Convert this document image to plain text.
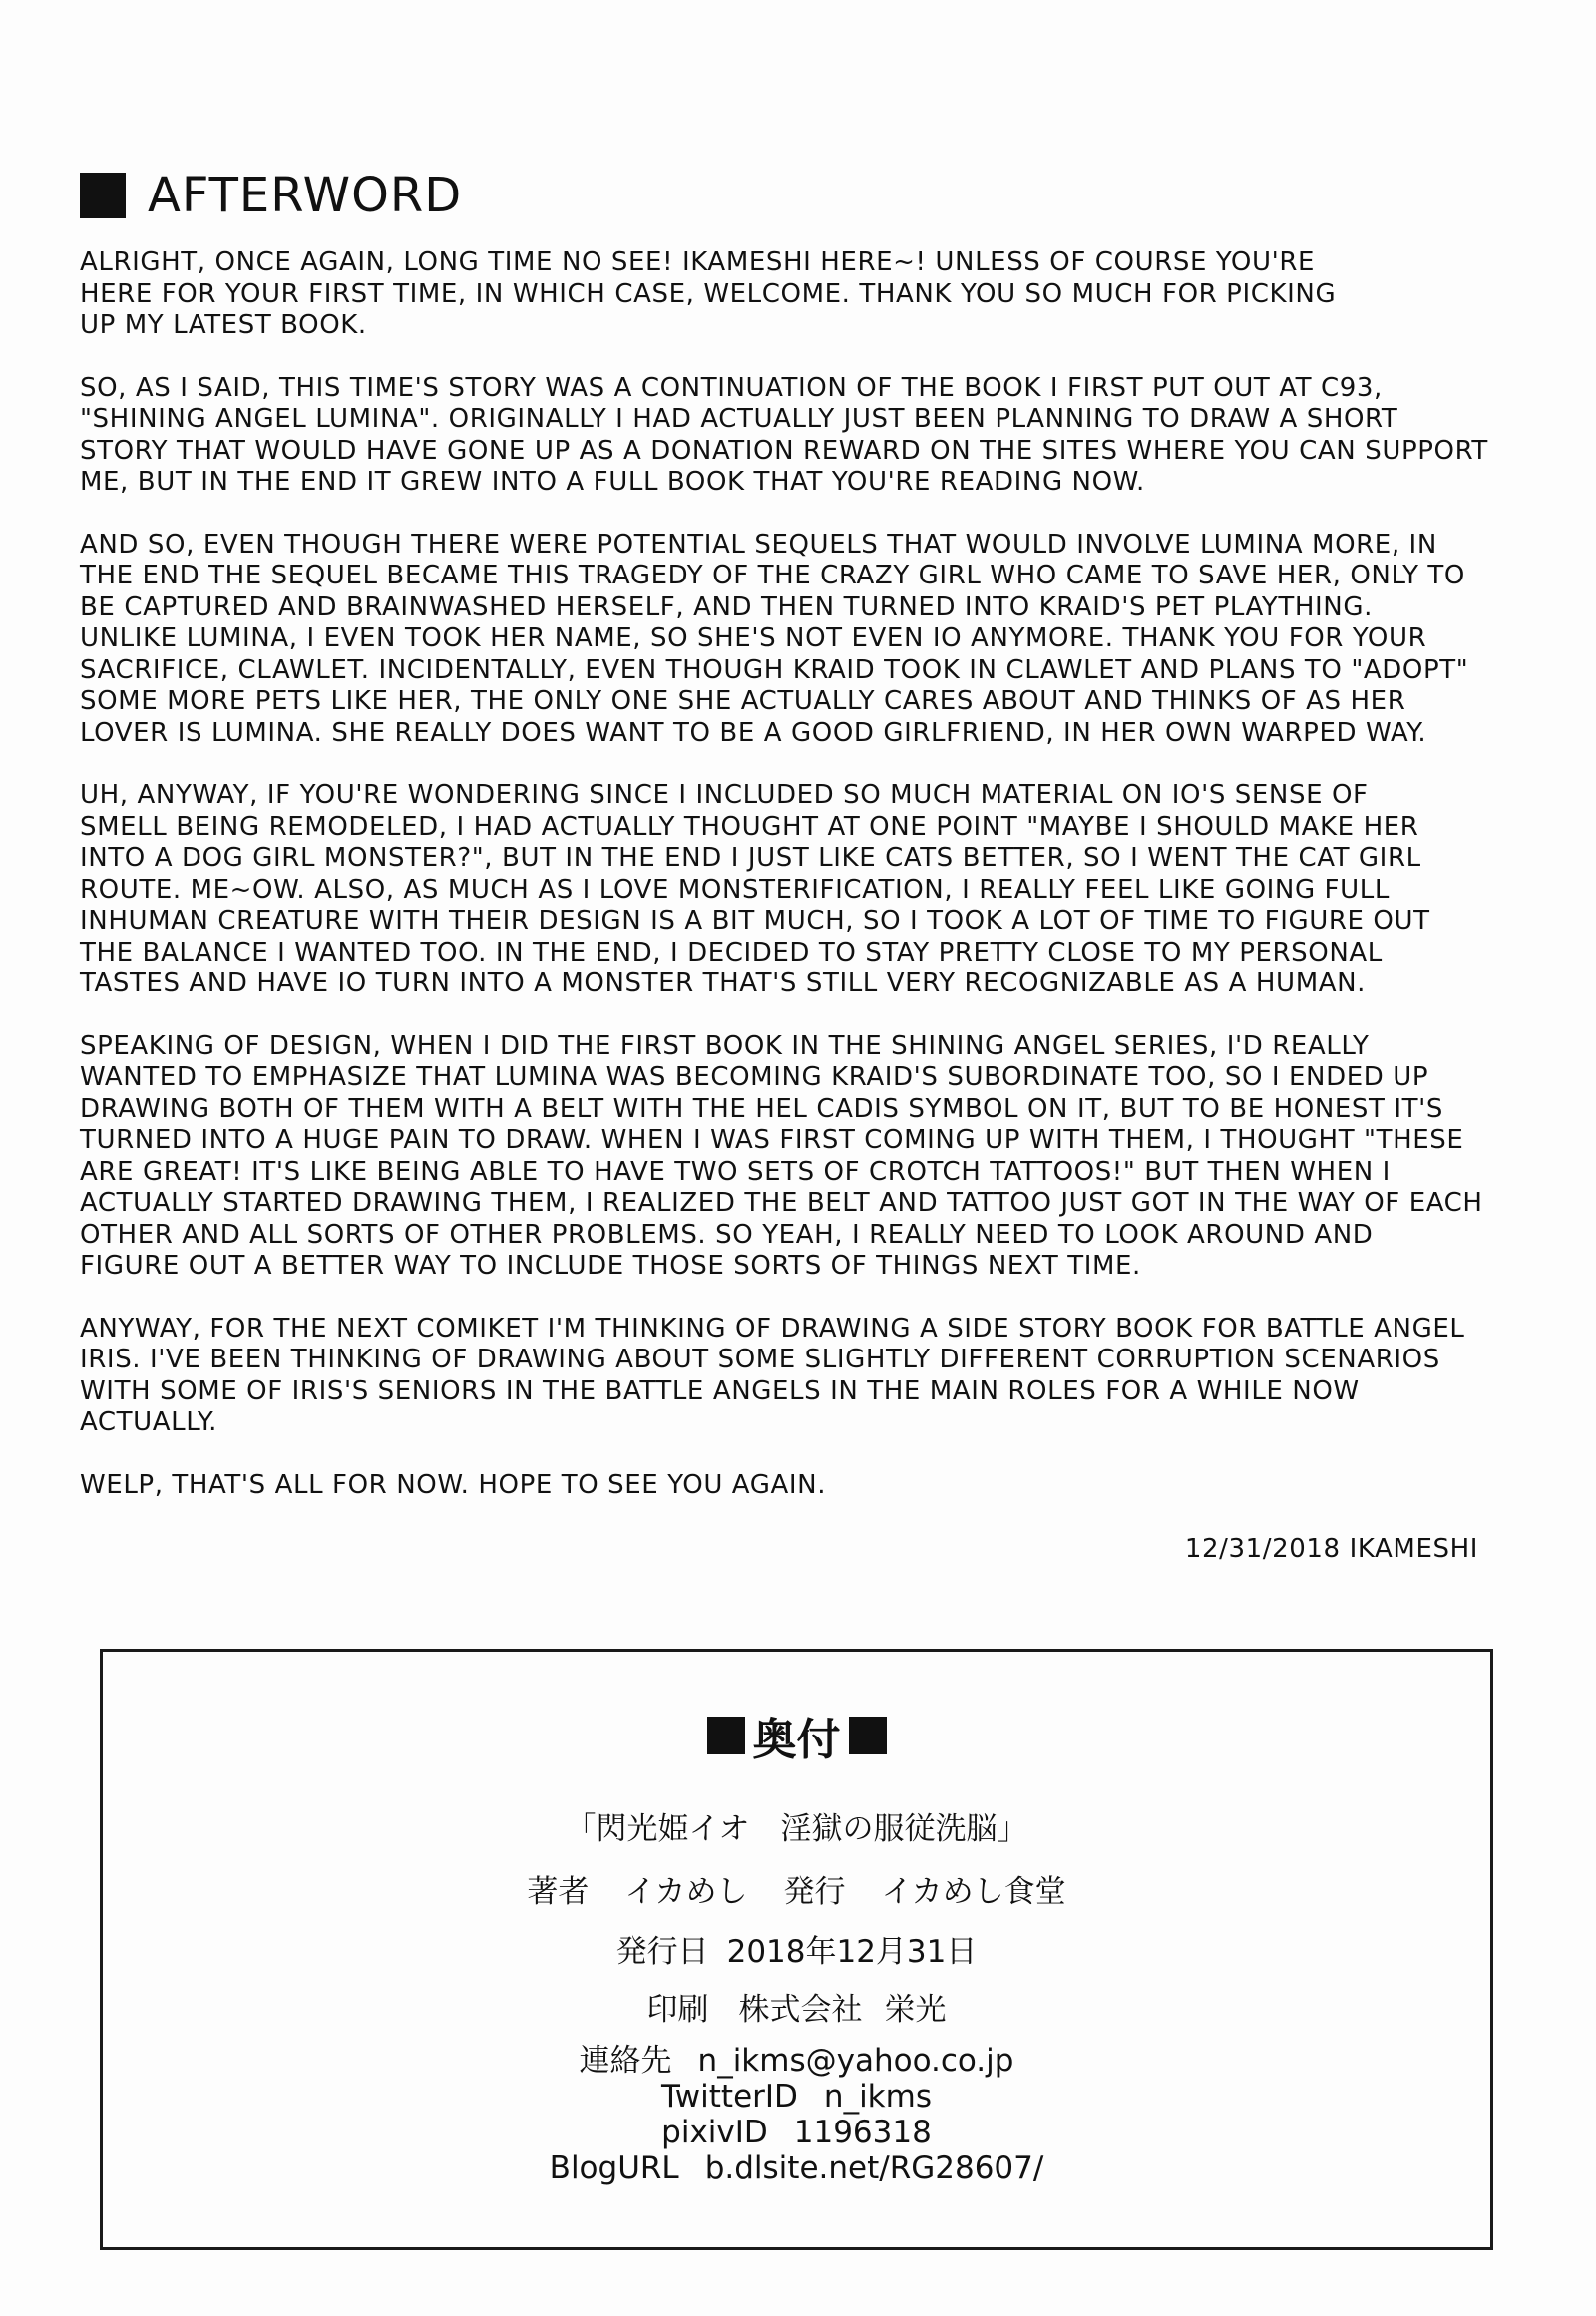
AFTERWORD
ALRIGHT, ONCE AGAIN, LONG TIME NO SEE! IKAMESHI HERE~! UNLESS OF COURSE YOU'RE
HERE FOR YOUR FIRST TIME, IN WHICH CASE, WELCOME. THANK YOU SO MUCH FOR PICKING
UP MY LATEST BOOK.
SO, AS I SAID, THIS TIME'S STORY WAS A CONTINUATION OF THE BOOK I FIRST PUT OUT AT C93,
"SHINING ANGEL LUMINA". ORIGINALLY I HAD ACTUALLY JUST BEEN PLANNING TO DRAW A SHORT
STORY THAT WOULD HAVE GONE UP AS A DONATION REWARD ON THE SITES WHERE YOU CAN SUPPORT
ME, BUT IN THE END IT GREW INTO A FULL BOOK THAT YOU'RE READING NOW.
AND SO, EVEN THOUGH THERE WERE POTENTIAL SEQUELS THAT WOULD INVOLVE LUMINA MORE, IN
THE END THE SEQUEL BECAME THIS TRAGEDY OF THE CRAZY GIRL WHO CAME TO SAVE HER, ONLY TO
BE CAPTURED AND BRAINWASHED HERSELF, AND THEN TURNED INTO KRAID'S PET PLAYTHING.
UNLIKE LUMINA, I EVEN TOOK HER NAME, SO SHE'S NOT EVEN IO ANYMORE. THANK YOU FOR YOUR
SACRIFICE, CLAWLET. INCIDENTALLY, EVEN THOUGH KRAID TOOK IN CLAWLET AND PLANS TO "ADOPT"
SOME MORE PETS LIKE HER, THE ONLY ONE SHE ACTUALLY CARES ABOUT AND THINKS OF AS HER
LOVER IS LUMINA. SHE REALLY DOES WANT TO BE A GOOD GIRLFRIEND, IN HER OWN WARPED WAY.
UH, ANYWAY, IF YOU'RE WONDERING SINCE I INCLUDED SO MUCH MATERIAL ON IO'S SENSE OF
SMELL BEING REMODELED, I HAD ACTUALLY THOUGHT AT ONE POINT "MAYBE I SHOULD MAKE HER
INTO A DOG GIRL MONSTER?", BUT IN THE END I JUST LIKE CATS BETTER, SO I WENT THE CAT GIRL
ROUTE. ME~OW. ALSO, AS MUCH AS I LOVE MONSTERIFICATION, I REALLY FEEL LIKE GOING FULL
INHUMAN CREATURE WITH THEIR DESIGN IS A BIT MUCH, SO I TOOK A LOT OF TIME TO FIGURE OUT
THE BALANCE I WANTED TOO. IN THE END, I DECIDED TO STAY PRETTY CLOSE TO MY PERSONAL
TASTES AND HAVE IO TURN INTO A MONSTER THAT'S STILL VERY RECOGNIZABLE AS A HUMAN.
SPEAKING OF DESIGN, WHEN I DID THE FIRST BOOK IN THE SHINING ANGEL SERIES, I'D REALLY
WANTED TO EMPHASIZE THAT LUMINA WAS BECOMING KRAID'S SUBORDINATE TOO, SO I ENDED UP
DRAWING BOTH OF THEM WITH A BELT WITH THE HEL CADIS SYMBOL ON IT, BUT TO BE HONEST IT'S
TURNED INTO A HUGE PAIN TO DRAW. WHEN I WAS FIRST COMING UP WITH THEM, I THOUGHT "THESE
ARE GREAT! IT'S LIKE BEING ABLE TO HAVE TWO SETS OF CROTCH TATTOOS!" BUT THEN WHEN I
ACTUALLY STARTED DRAWING THEM, I REALIZED THE BELT AND TATTOO JUST GOT IN THE WAY OF EACH
OTHER AND ALL SORTS OF OTHER PROBLEMS. SO YEAH, I REALLY NEED TO LOOK AROUND AND
FIGURE OUT A BETTER WAY TO INCLUDE THOSE SORTS OF THINGS NEXT TIME.
ANYWAY, FOR THE NEXT COMIKET I'M THINKING OF DRAWING A SIDE STORY BOOK FOR BATTLE ANGEL
IRIS. I'VE BEEN THINKING OF DRAWING ABOUT SOME SLIGHTLY DIFFERENT CORRUPTION SCENARIOS
WITH SOME OF IRIS'S SENIORS IN THE BATTLE ANGELS IN THE MAIN ROLES FOR A WHILE NOW
ACTUALLY.
WELP, THAT'S ALL FOR NOW. HOPE TO SEE YOU AGAIN.
12/31/2018 IKAMESHI
奥付
「閃光姫イオ　淫獄の服従洗脳」
著者 イカめし 発行 イカめし食堂
発行日 2018年12月31日
印刷 株式会社 栄光
連絡先 n_ikms@yahoo.co.jp
TwitterID n_ikms
pixivID 1196318
BlogURL b.dlsite.net/RG28607/
